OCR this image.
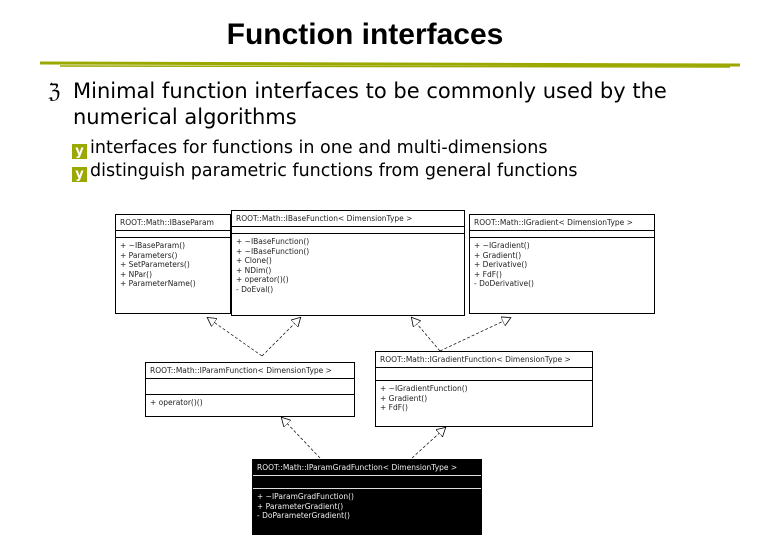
Function interfaces
ℨ Minimal function interfaces to be commonly used by the numerical algorithms
y interfaces for functions in one and multi-dimensions
y distinguish parametric functions from general functions
ROOT::Math::IBaseParam
+ ~IBaseParam()
+ Parameters()
+ SetParameters()
+ NPar()
+ ParameterName()
ROOT::Math::IBaseFunction< DimensionType >
+ ~IBaseFunction()
+ ~IBaseFunction()
+ Clone()
+ NDim()
+ operator()()
- DoEval()
ROOT::Math::IGradient< DimensionType >
+ ~IGradient()
+ Gradient()
+ Derivative()
+ FdF()
- DoDerivative()
ROOT::Math::IParamFunction< DimensionType >
+ operator()()
ROOT::Math::IGradientFunction< DimensionType >
+ ~IGradientFunction()
+ Gradient()
+ FdF()
ROOT::Math::IParamGradFunction< DimensionType >
+ ~IParamGradFunction()
+ ParameterGradient()
- DoParameterGradient()
